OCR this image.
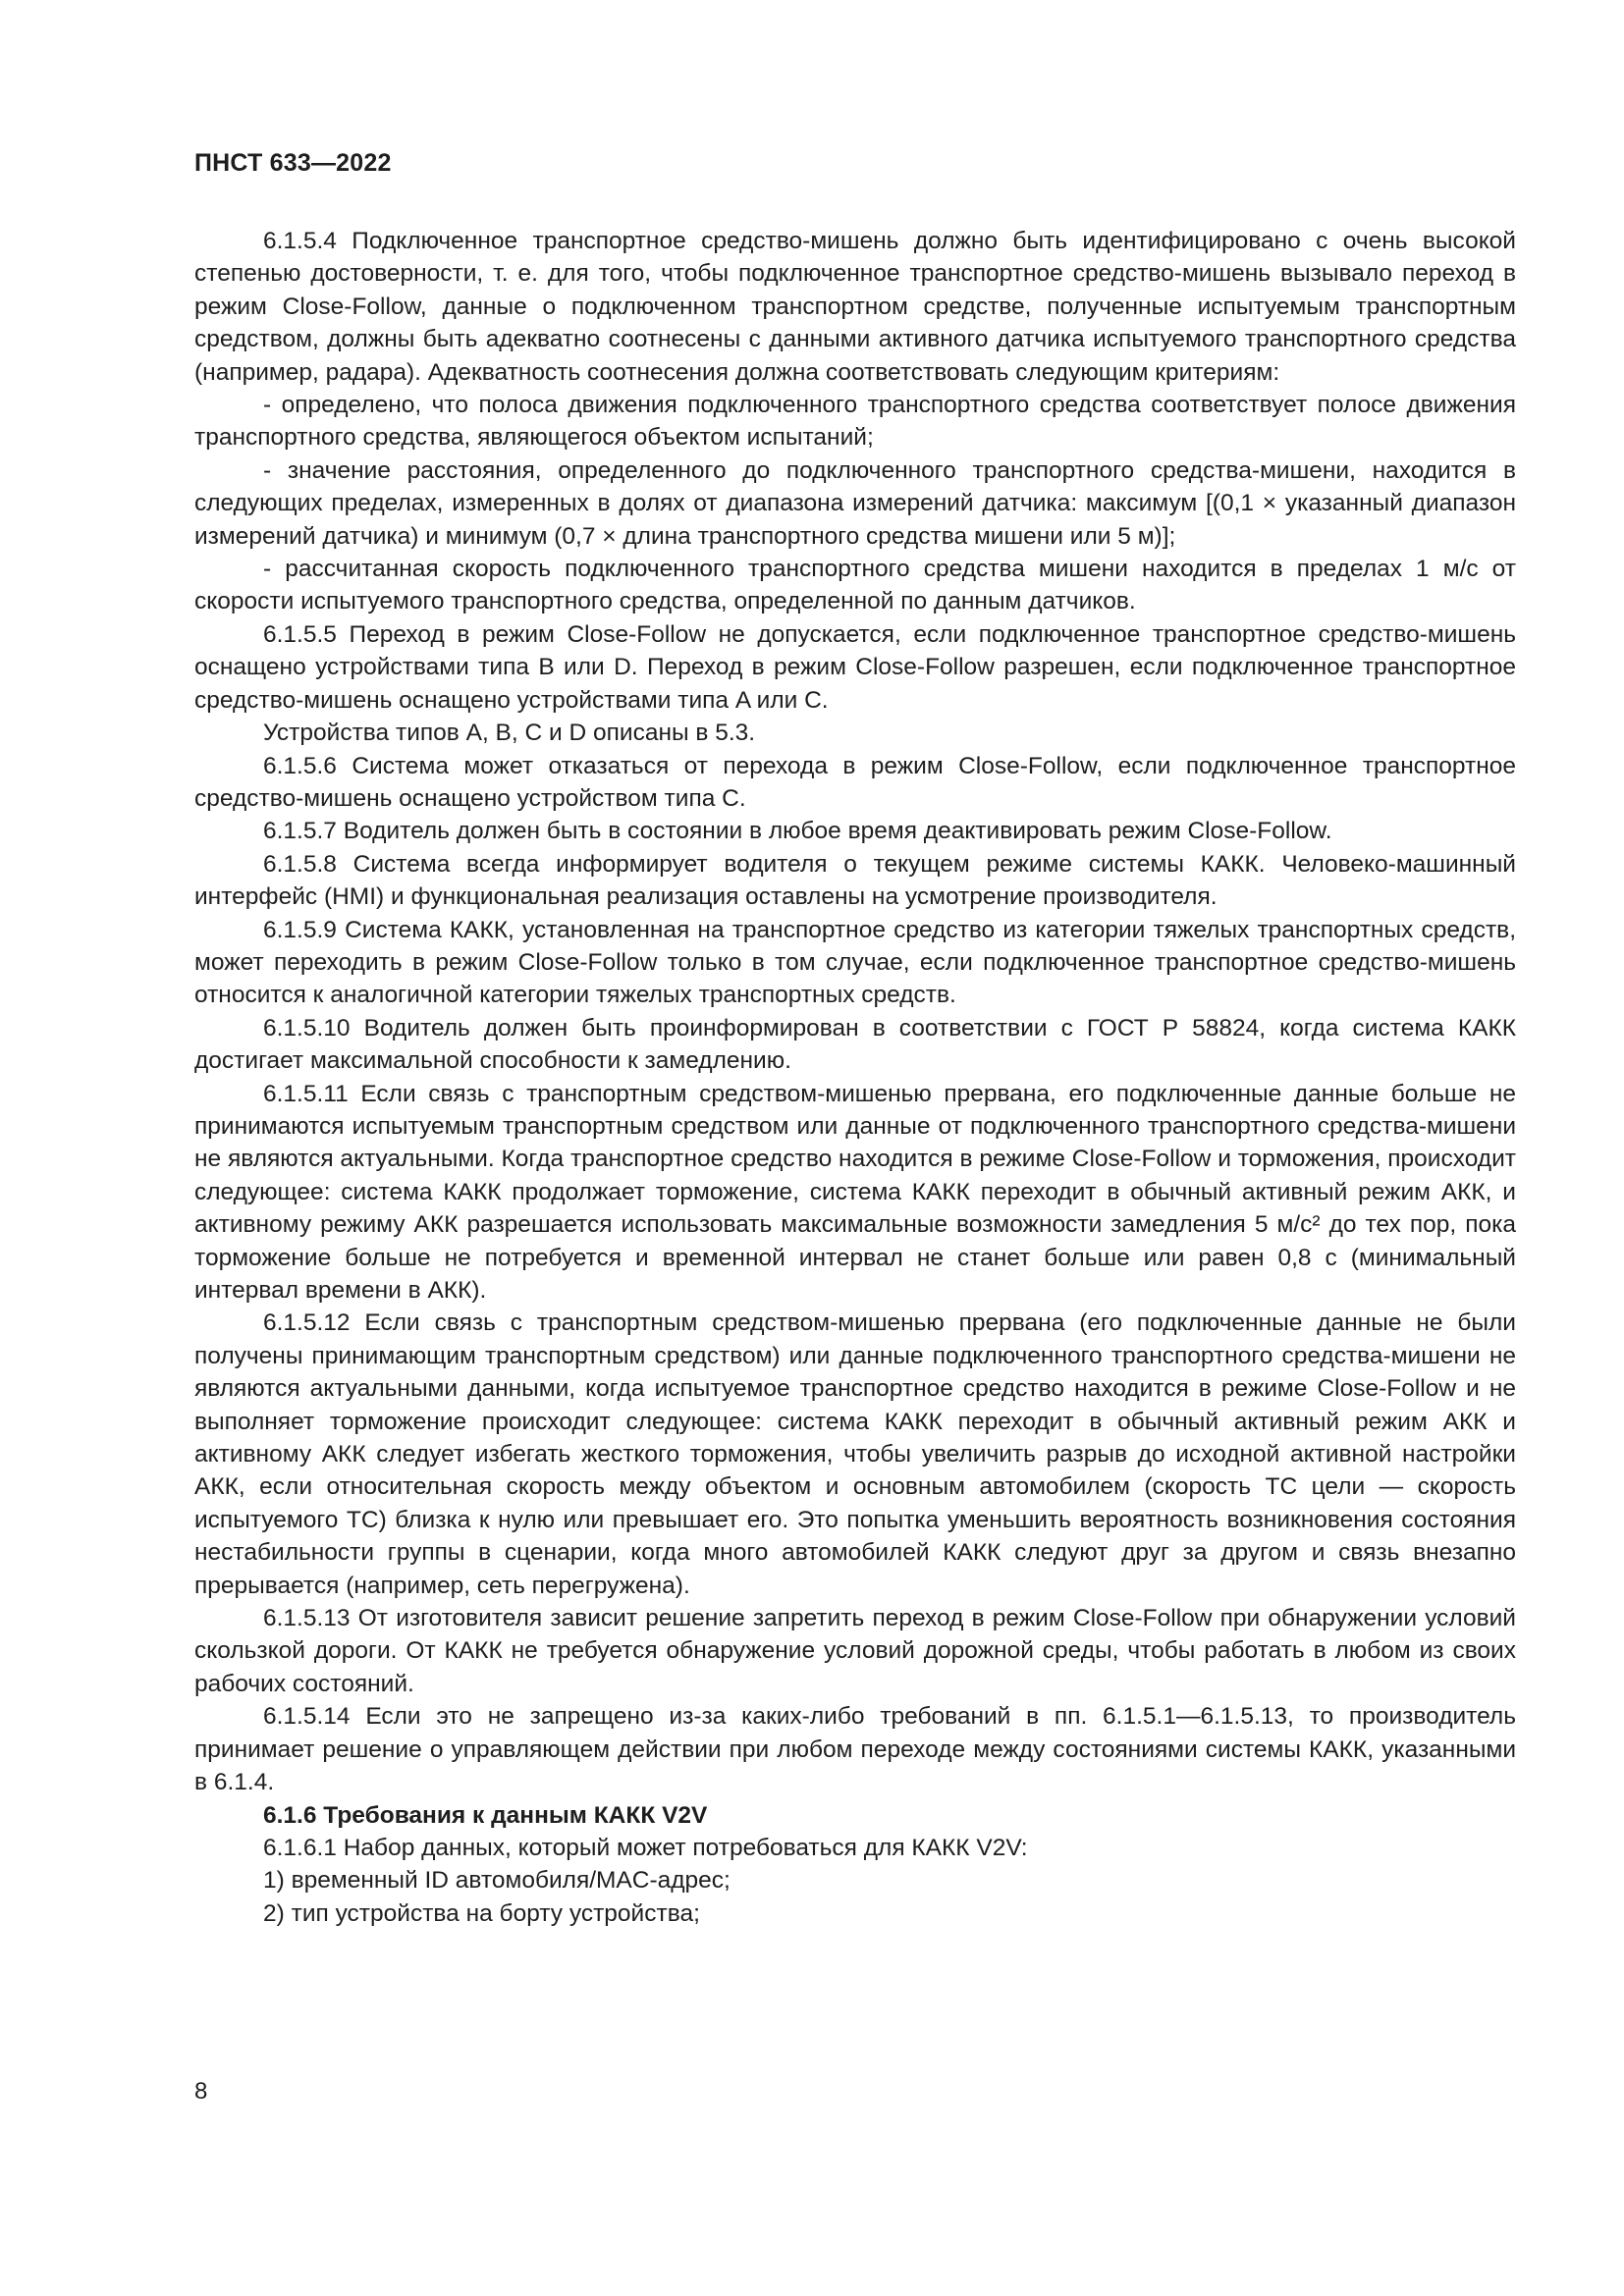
ПНСТ 633—2022

6.1.5.4 Подключенное транспортное средство-мишень должно быть идентифицировано с очень высокой степенью достоверности, т. е. для того, чтобы подключенное транспортное средство-мишень вызывало переход в режим Close-Follow, данные о подключенном транспортном средстве, полученные испытуемым транспортным средством, должны быть адекватно соотнесены с данными активного датчика испытуемого транспортного средства (например, радара). Адекватность соотнесения должна соответствовать следующим критериям:

- определено, что полоса движения подключенного транспортного средства соответствует полосе движения транспортного средства, являющегося объектом испытаний;

- значение расстояния, определенного до подключенного транспортного средства-мишени, находится в следующих пределах, измеренных в долях от диапазона измерений датчика: максимум [(0,1 × указанный диапазон измерений датчика) и минимум (0,7 × длина транспортного средства мишени или 5 м)];

- рассчитанная скорость подключенного транспортного средства мишени находится в пределах 1 м/с от скорости испытуемого транспортного средства, определенной по данным датчиков.

6.1.5.5 Переход в режим Close-Follow не допускается, если подключенное транспортное средство-мишень оснащено устройствами типа B или D. Переход в режим Close-Follow разрешен, если подключенное транспортное средство-мишень оснащено устройствами типа A или C.

Устройства типов A, B, C и D описаны в 5.3.

6.1.5.6 Система может отказаться от перехода в режим Close-Follow, если подключенное транспортное средство-мишень оснащено устройством типа C.

6.1.5.7 Водитель должен быть в состоянии в любое время деактивировать режим Close-Follow.

6.1.5.8 Система всегда информирует водителя о текущем режиме системы КАКК. Человеко-машинный интерфейс (HMI) и функциональная реализация оставлены на усмотрение производителя.

6.1.5.9 Система КАКК, установленная на транспортное средство из категории тяжелых транспортных средств, может переходить в режим Close-Follow только в том случае, если подключенное транспортное средство-мишень относится к аналогичной категории тяжелых транспортных средств.

6.1.5.10 Водитель должен быть проинформирован в соответствии с ГОСТ Р 58824, когда система КАКК достигает максимальной способности к замедлению.

6.1.5.11 Если связь с транспортным средством-мишенью прервана, его подключенные данные больше не принимаются испытуемым транспортным средством или данные от подключенного транспортного средства-мишени не являются актуальными. Когда транспортное средство находится в режиме Close-Follow и торможения, происходит следующее: система КАКК продолжает торможение, система КАКК переходит в обычный активный режим АКК, и активному режиму АКК разрешается использовать максимальные возможности замедления 5 м/с² до тех пор, пока торможение больше не потребуется и временной интервал не станет больше или равен 0,8 с (минимальный интервал времени в АКК).

6.1.5.12 Если связь с транспортным средством-мишенью прервана (его подключенные данные не были получены принимающим транспортным средством) или данные подключенного транспортного средства-мишени не являются актуальными данными, когда испытуемое транспортное средство находится в режиме Close-Follow и не выполняет торможение происходит следующее: система КАКК переходит в обычный активный режим АКК и активному АКК следует избегать жесткого торможения, чтобы увеличить разрыв до исходной активной настройки АКК, если относительная скорость между объектом и основным автомобилем (скорость ТС цели — скорость испытуемого ТС) близка к нулю или превышает его. Это попытка уменьшить вероятность возникновения состояния нестабильности группы в сценарии, когда много автомобилей КАКК следуют друг за другом и связь внезапно прерывается (например, сеть перегружена).

6.1.5.13 От изготовителя зависит решение запретить переход в режим Close-Follow при обнаружении условий скользкой дороги. От КАКК не требуется обнаружение условий дорожной среды, чтобы работать в любом из своих рабочих состояний.

6.1.5.14 Если это не запрещено из-за каких-либо требований в пп. 6.1.5.1—6.1.5.13, то производитель принимает решение о управляющем действии при любом переходе между состояниями системы КАКК, указанными в 6.1.4.

6.1.6 Требования к данным КАКК V2V

6.1.6.1 Набор данных, который может потребоваться для КАКК V2V:

1) временный ID автомобиля/MAC-адрес;

2) тип устройства на борту устройства;

8
